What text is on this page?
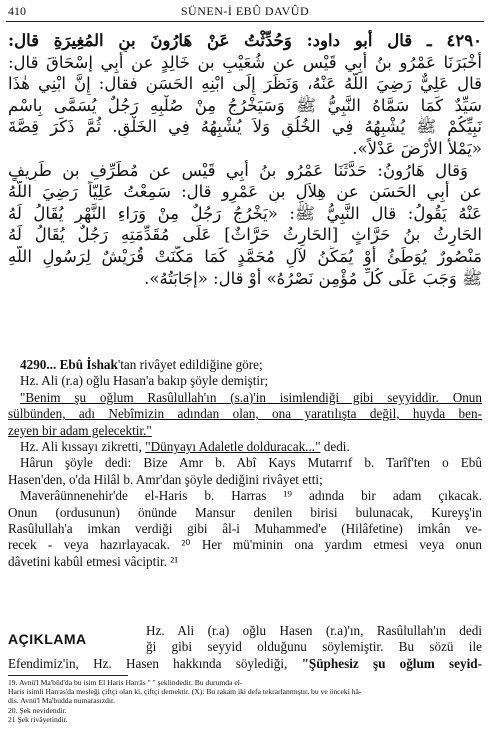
410	SÜNEN-İ EBÛ DAVÛD
٤٢٩٠ ـ قال أبو داود: وَحُدِّثْتُ عَنْ هَارُونَ بنِ المُغِيرَةِ قال:
أَخْبَرَنَا عَمْرُو بنُ أَبِي قَيْسٍ عن شُعَيْبِ بنِ خَالِدٍ عن أَبِي إِسْحَاقَ قال:
قال عَلِيٌّ رَضِيَ اللَّهُ عَنْهُ، وَنَظَرَ إِلَى ابْنِهِ الحَسَنِ فقال: إِنَّ ابْنِي هٰذَا
سَيِّدٌ كَمَا سَمَّاهُ النَّبِيُّ ﷺ وَسَيَخْرُجُ مِنْ صُلْبِهِ رَجُلٌ يُسَمَّى بِاسْمِ
نَبِيِّكُمْ ﷺ يُشْبِهُهُ فِي الخُلُقِ وَلاَ يُشْبِهُهُ فِي الخَلْقِ. ثُمَّ ذَكَرَ قِصَّةَ
«يَمْلأُ الأَرْضَ عَدْلاً».
وَقال هَارُونُ: حَدَّثَنَا عَمْرُو بنُ أَبِي قَيْسٍ عن مُطَرِّفِ بنِ طَرِيفٍ
عن أَبِي الحَسَنِ عن هِلاَلِ بنِ عَمْرٍو قال: سَمِعْتُ عَلِيّاً رَضِيَ اللَّهُ
عَنْهُ يَقُولُ: قال النَّبِيُّ ﷺ: «يَخْرُجُ رَجُلٌ مِنْ وَرَاءِ النَّهْرِ يُقَالُ لَهُ
الحَارِثُ بنُ حَرَّاثٍ [الحَارِثُ حَرَّاثٌ] عَلَى مُقَدِّمَتِهِ رَجُلٌ يُقَالُ لَهُ
مَنْصُورٌ يُوَطِّئُ أَوْ يُمَكِّنُ لآلِ مُحَمَّدٍ كَمَا مَكَّنَتْ قُرَيْشٌ لِرَسُولِ اللَّهِ
ﷺ وَجَبَ عَلَى كُلِّ مُؤْمِنٍ نَصْرُهُ» أَوْ قال: «إِجَابَتُهُ».
4290... Ebû İshak'tan rivâyet edildiğine göre;
Hz. Ali (r.a) oğlu Hasan'a bakıp şöyle demiştir;
"Benim şu oğlum Rasûlullah'ın (s.a)'in isimlendiği gibi seyyiddir. Onun
sülbünden, adı Nebîmizin adından olan, ona yaratılışta değil, huyda ben-
zeyen bir adam gelecektir."
Hz. Ali kıssayı zikretti, "Dünyayı Adaletle dolduracak..." dedi.
Hârun şöyle dedi: Bize Amr b. Abî Kays Mutarrıf b. Tarîf'ten o Ebû
Hasen'den, o'da Hilâl b. Amr'dan şöyle dediğini rivâyet etti;
Maverâünnenehir'de el-Haris b. Harras ¹⁹ adında bir adam çıkacak.
Onun (ordusunun) önünde Mansur denilen birisi bulunacak, Kureyş'in
Rasûlullah'a imkan verdiği gibi âl-i Muhammed'e (Hilâfetine) imkân ve-
recek - veya hazırlayacak. ²⁰ Her mü'minin ona yardım etmesi veya onun
dâvetini kabûl etmesi vâciptir. ²¹
AÇIKLAMA
Hz. Ali (r.a) oğlu Hasen (r.a)'ın, Rasûlullah'ın dedi
ği gibi seyyid olduğunu söylemiştir. Bu sözü ile
Efendimiz'in, Hz. Hasen hakkında söylediği, "Şüphesiz şu oğlum seyid-
19. Avnü'l Ma'bûd'da bu isim El Haris Harrâs " " şeklindedir. Bu durumda el-
Haris isimli Harras'da mesleği çiftçi olan ki, çiftçi demektir. (X): Bu rakam iki defa tekrarlanmıştır, bu ve önceki hâ-
dis. Avnü'l Ma'budda numarasızdır.
20. Şek nevidendir.
21 Şek rivâyetindir.
